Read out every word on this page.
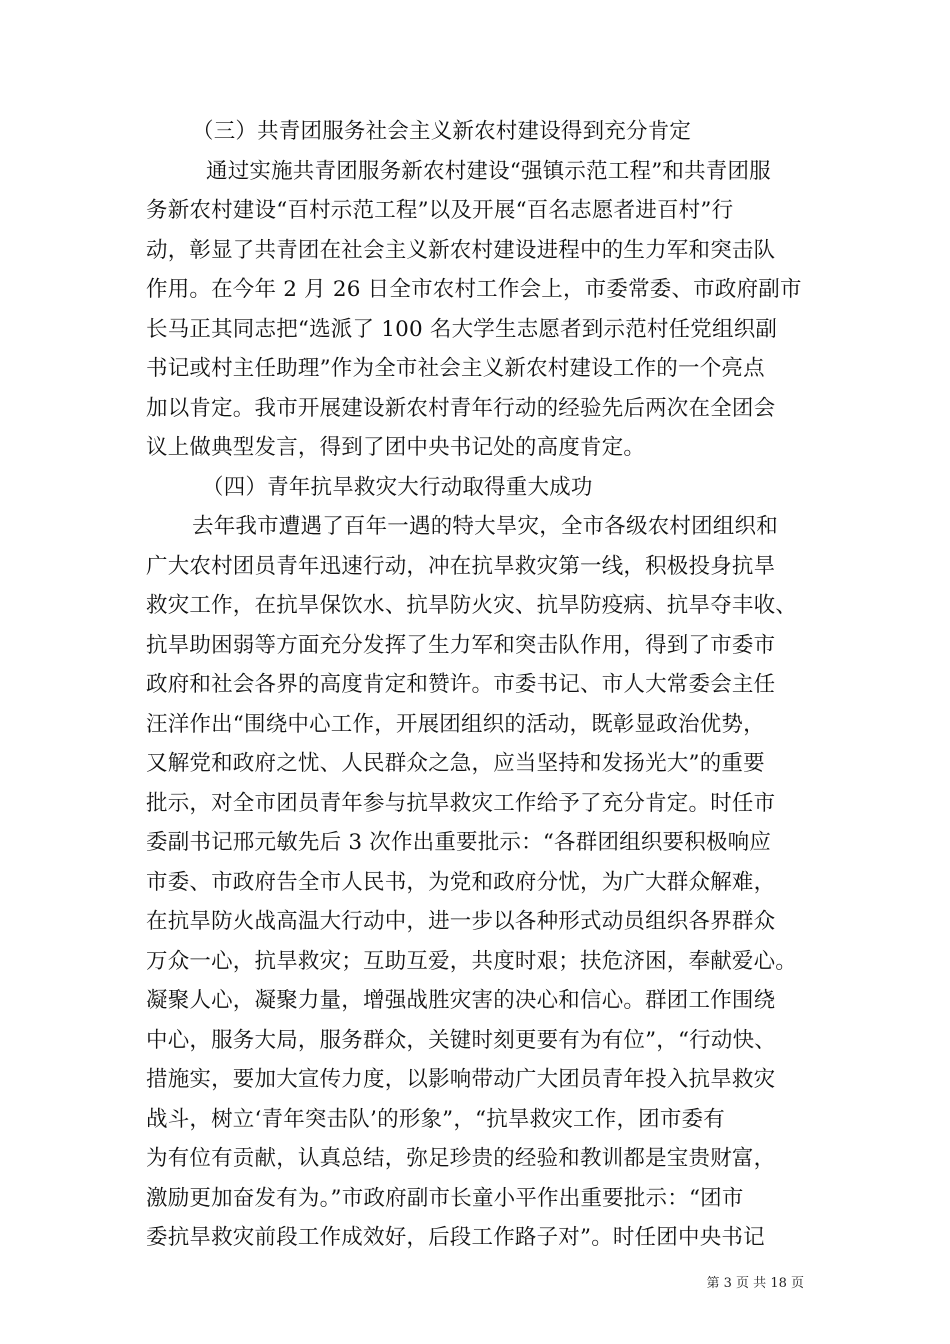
（三）共青团服务社会主义新农村建设得到充分肯定
通过实施共青团服务新农村建设“强镇示范工程”和共青团服
务新农村建设“百村示范工程”以及开展“百名志愿者进百村”行
动，彰显了共青团在社会主义新农村建设进程中的生力军和突击队
作用。在今年 2 月 26 日全市农村工作会上，市委常委、市政府副市
长马正其同志把“选派了 100 名大学生志愿者到示范村任党组织副
书记或村主任助理”作为全市社会主义新农村建设工作的一个亮点
加以肯定。我市开展建设新农村青年行动的经验先后两次在全团会
议上做典型发言，得到了团中央书记处的高度肯定。
（四）青年抗旱救灾大行动取得重大成功
去年我市遭遇了百年一遇的特大旱灾，全市各级农村团组织和
广大农村团员青年迅速行动，冲在抗旱救灾第一线，积极投身抗旱
救灾工作，在抗旱保饮水、抗旱防火灾、抗旱防疫病、抗旱夺丰收、
抗旱助困弱等方面充分发挥了生力军和突击队作用，得到了市委市
政府和社会各界的高度肯定和赞许。市委书记、市人大常委会主任
汪洋作出“围绕中心工作，开展团组织的活动，既彰显政治优势，
又解党和政府之忧、人民群众之急，应当坚持和发扬光大”的重要
批示，对全市团员青年参与抗旱救灾工作给予了充分肯定。时任市
委副书记邢元敏先后 3 次作出重要批示：“各群团组织要积极响应
市委、市政府告全市人民书，为党和政府分忧，为广大群众解难，
在抗旱防火战高温大行动中，进一步以各种形式动员组织各界群众
万众一心，抗旱救灾；互助互爱，共度时艰；扶危济困，奉献爱心。
凝聚人心，凝聚力量，增强战胜灾害的决心和信心。群团工作围绕
中心，服务大局，服务群众，关键时刻更要有为有位”，“行动快、
措施实，要加大宣传力度，以影响带动广大团员青年投入抗旱救灾
战斗，树立‘青年突击队’的形象”，“抗旱救灾工作，团市委有
为有位有贡献，认真总结，弥足珍贵的经验和教训都是宝贵财富，
激励更加奋发有为。”市政府副市长童小平作出重要批示：“团市
委抗旱救灾前段工作成效好，后段工作路子对”。时任团中央书记
第 3 页 共 18 页
